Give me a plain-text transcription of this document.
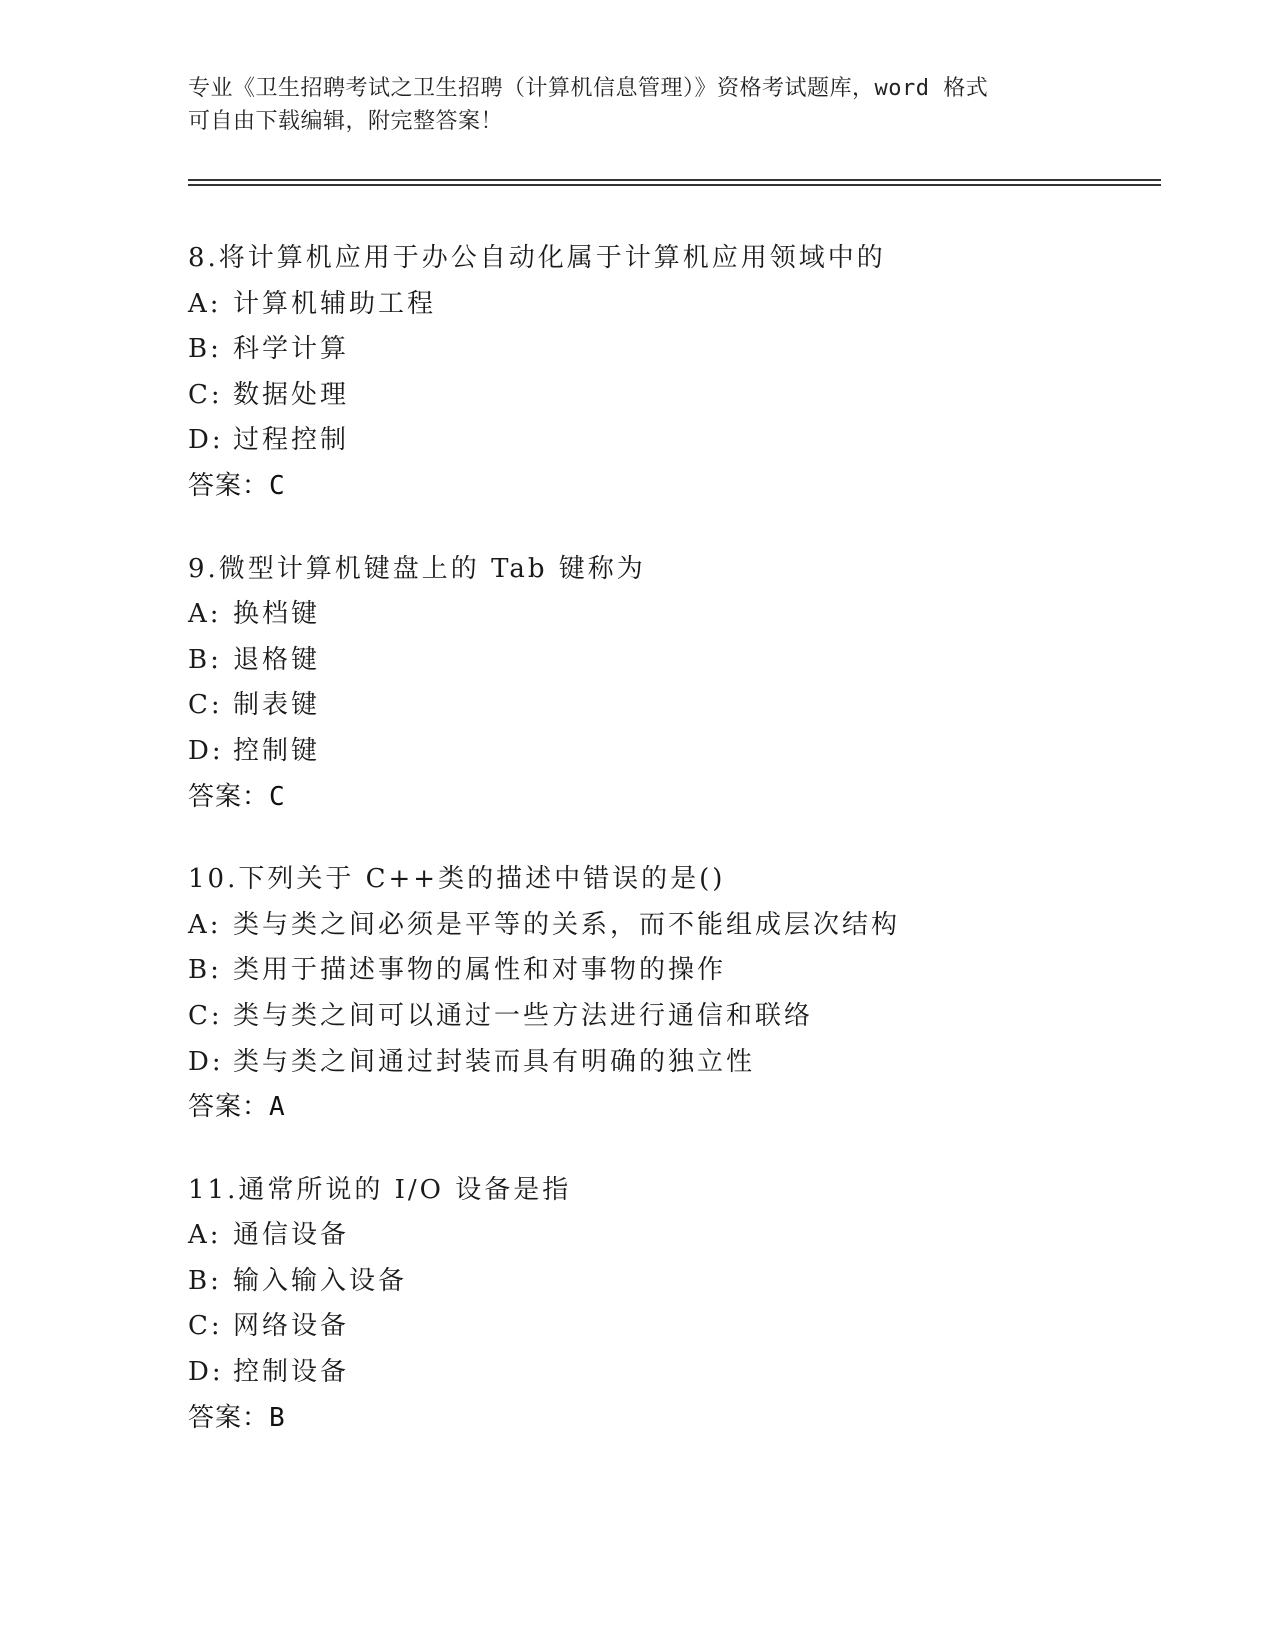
专业《卫生招聘考试之卫生招聘（计算机信息管理）》资格考试题库，word 格式
可自由下载编辑，附完整答案！
8.将计算机应用于办公自动化属于计算机应用领域中的
A: 计算机辅助工程
B: 科学计算
C: 数据处理
D: 过程控制
答案：C
9.微型计算机键盘上的 Tab 键称为
A: 换档键
B: 退格键
C: 制表键
D: 控制键
答案：C
10.下列关于 C++类的描述中错误的是()
A: 类与类之间必须是平等的关系，而不能组成层次结构
B: 类用于描述事物的属性和对事物的操作
C: 类与类之间可以通过一些方法进行通信和联络
D: 类与类之间通过封装而具有明确的独立性
答案：A
11.通常所说的 I/O 设备是指
A: 通信设备
B: 输入输入设备
C: 网络设备
D: 控制设备
答案：B
